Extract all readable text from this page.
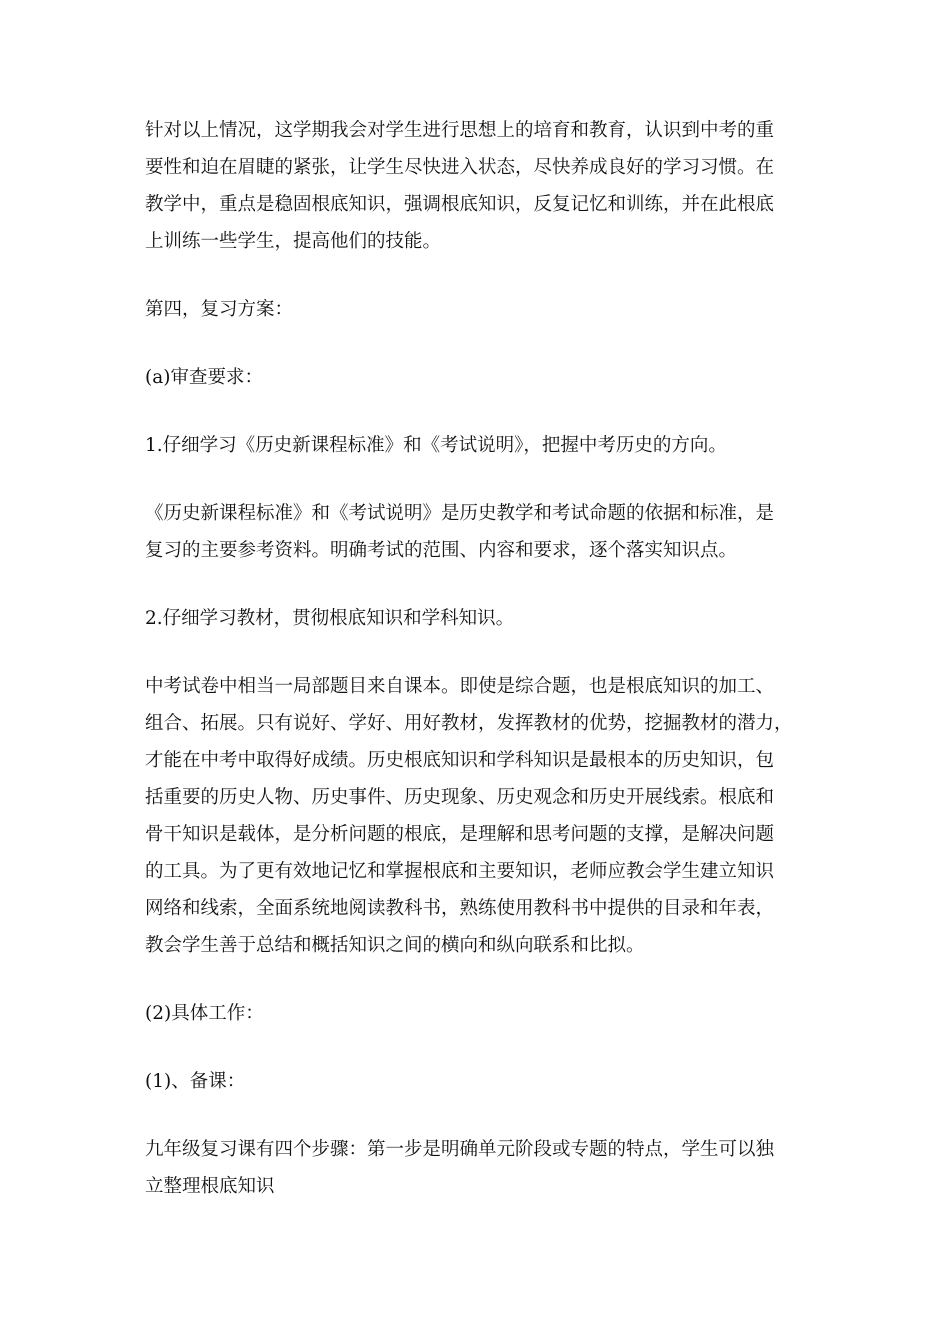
针对以上情况，这学期我会对学生进行思想上的培育和教育，认识到中考的重
要性和迫在眉睫的紧张，让学生尽快进入状态，尽快养成良好的学习习惯。在
教学中，重点是稳固根底知识，强调根底知识，反复记忆和训练，并在此根底
上训练一些学生，提高他们的技能。

第四，复习方案：

(a)审查要求：

1.仔细学习《历史新课程标准》和《考试说明》，把握中考历史的方向。

《历史新课程标准》和《考试说明》是历史教学和考试命题的依据和标准，是
复习的主要参考资料。明确考试的范围、内容和要求，逐个落实知识点。

2.仔细学习教材，贯彻根底知识和学科知识。

中考试卷中相当一局部题目来自课本。即使是综合题，也是根底知识的加工、
组合、拓展。只有说好、学好、用好教材，发挥教材的优势，挖掘教材的潜力，
才能在中考中取得好成绩。历史根底知识和学科知识是最根本的历史知识，包
括重要的历史人物、历史事件、历史现象、历史观念和历史开展线索。根底和
骨干知识是载体，是分析问题的根底，是理解和思考问题的支撑，是解决问题
的工具。为了更有效地记忆和掌握根底和主要知识，老师应教会学生建立知识
网络和线索，全面系统地阅读教科书，熟练使用教科书中提供的目录和年表，
教会学生善于总结和概括知识之间的横向和纵向联系和比拟。

(2)具体工作：

(1)、备课：

九年级复习课有四个步骤：第一步是明确单元阶段或专题的特点，学生可以独
立整理根底知识
